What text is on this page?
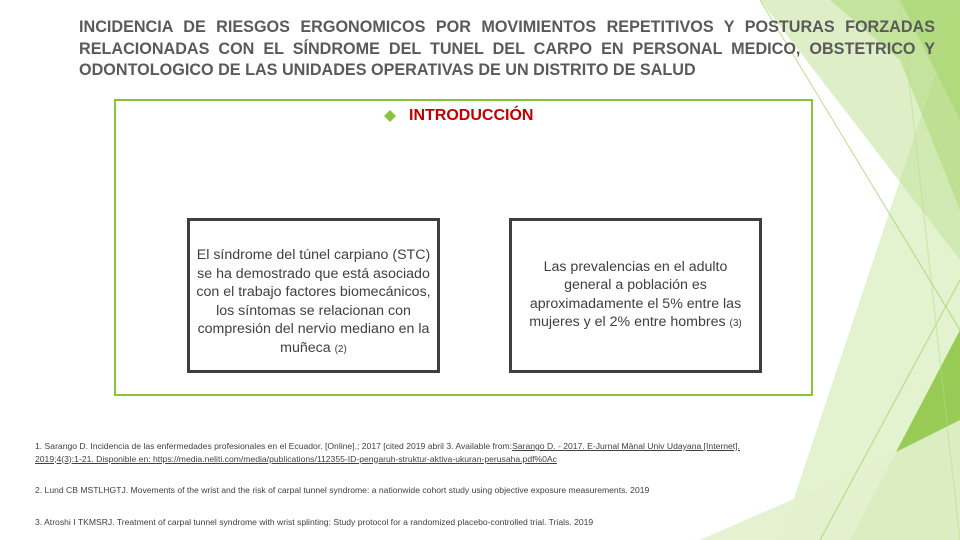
INCIDENCIA DE RIESGOS ERGONOMICOS POR MOVIMIENTOS REPETITIVOS Y POSTURAS FORZADAS RELACIONADAS CON EL SÍNDROME DEL TUNEL DEL CARPO EN PERSONAL MEDICO, OBSTETRICO Y ODONTOLOGICO DE LAS UNIDADES OPERATIVAS DE UN DISTRITO DE SALUD

INTRODUCCIÓN

El síndrome del túnel carpiano (STC) se ha demostrado que está asociado con el trabajo factores biomecánicos, los síntomas se relacionan con compresión del nervio mediano en la muñeca (2)
Las prevalencias en el adulto general a población es aproximadamente el 5% entre las mujeres y el 2% entre hombres (3)

1. Sarango D. Incidencia de las enfermedades profesionales en el Ecuador. [Online].; 2017 [cited 2019 abril 3. Available from:Sarango D. - 2017. E-Jurnal Mānal Univ Udayana [Internet]. 2019;4(3):1-21. Disponible en: https://media.neliti.com/media/publications/112355-ID-pengaruh-struktur-aktiva-ukuran-perusaha.pdf%0Ac

2. Lund CB MSTLHGTJ. Movements of the wrist and the risk of carpal tunnel syndrome: a nationwide cohort study using objective exposure measurements. 2019

3. Atroshi I TKMSRJ. Treatment of carpal tunnel syndrome with wrist splinting: Study protocol for a randomized placebo-controlled trial. Trials. 2019
